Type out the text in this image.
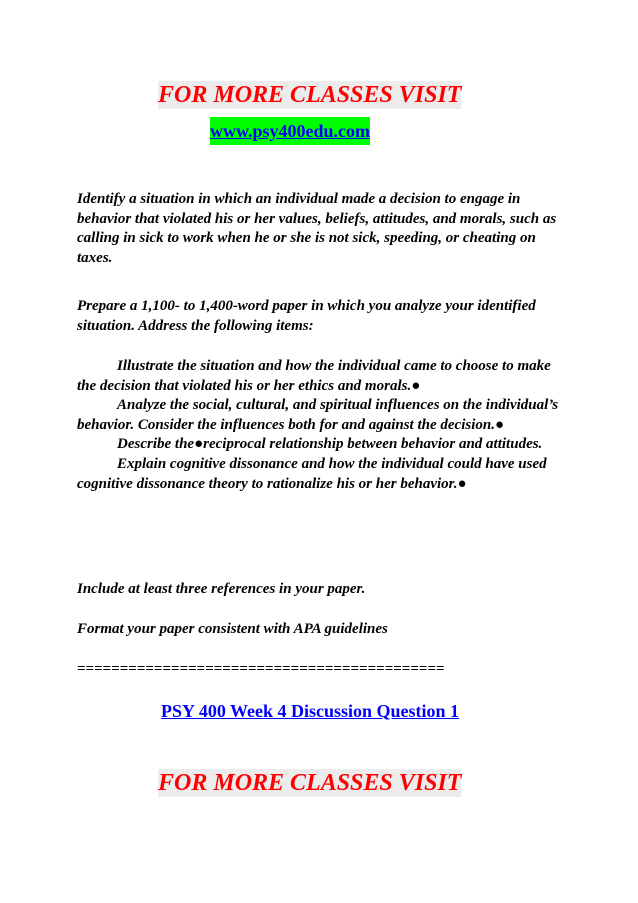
FOR MORE CLASSES VISIT
www.psy400edu.com
Identify a situation in which an individual made a decision to engage in behavior that violated his or her values, beliefs, attitudes, and morals, such as calling in sick to work when he or she is not sick, speeding, or cheating on taxes.
Prepare a 1,100- to 1,400-word paper in which you analyze your identified situation. Address the following items:
Illustrate the situation and how the individual came to choose to make the decision that violated his or her ethics and morals.●
Analyze the social, cultural, and spiritual influences on the individual’s behavior. Consider the influences both for and against the decision.●
Describe the●reciprocal relationship between behavior and attitudes.
Explain cognitive dissonance and how the individual could have used cognitive dissonance theory to rationalize his or her behavior.●
Include at least three references in your paper.
Format your paper consistent with APA guidelines
===========================================
PSY 400 Week 4 Discussion Question 1
FOR MORE CLASSES VISIT
